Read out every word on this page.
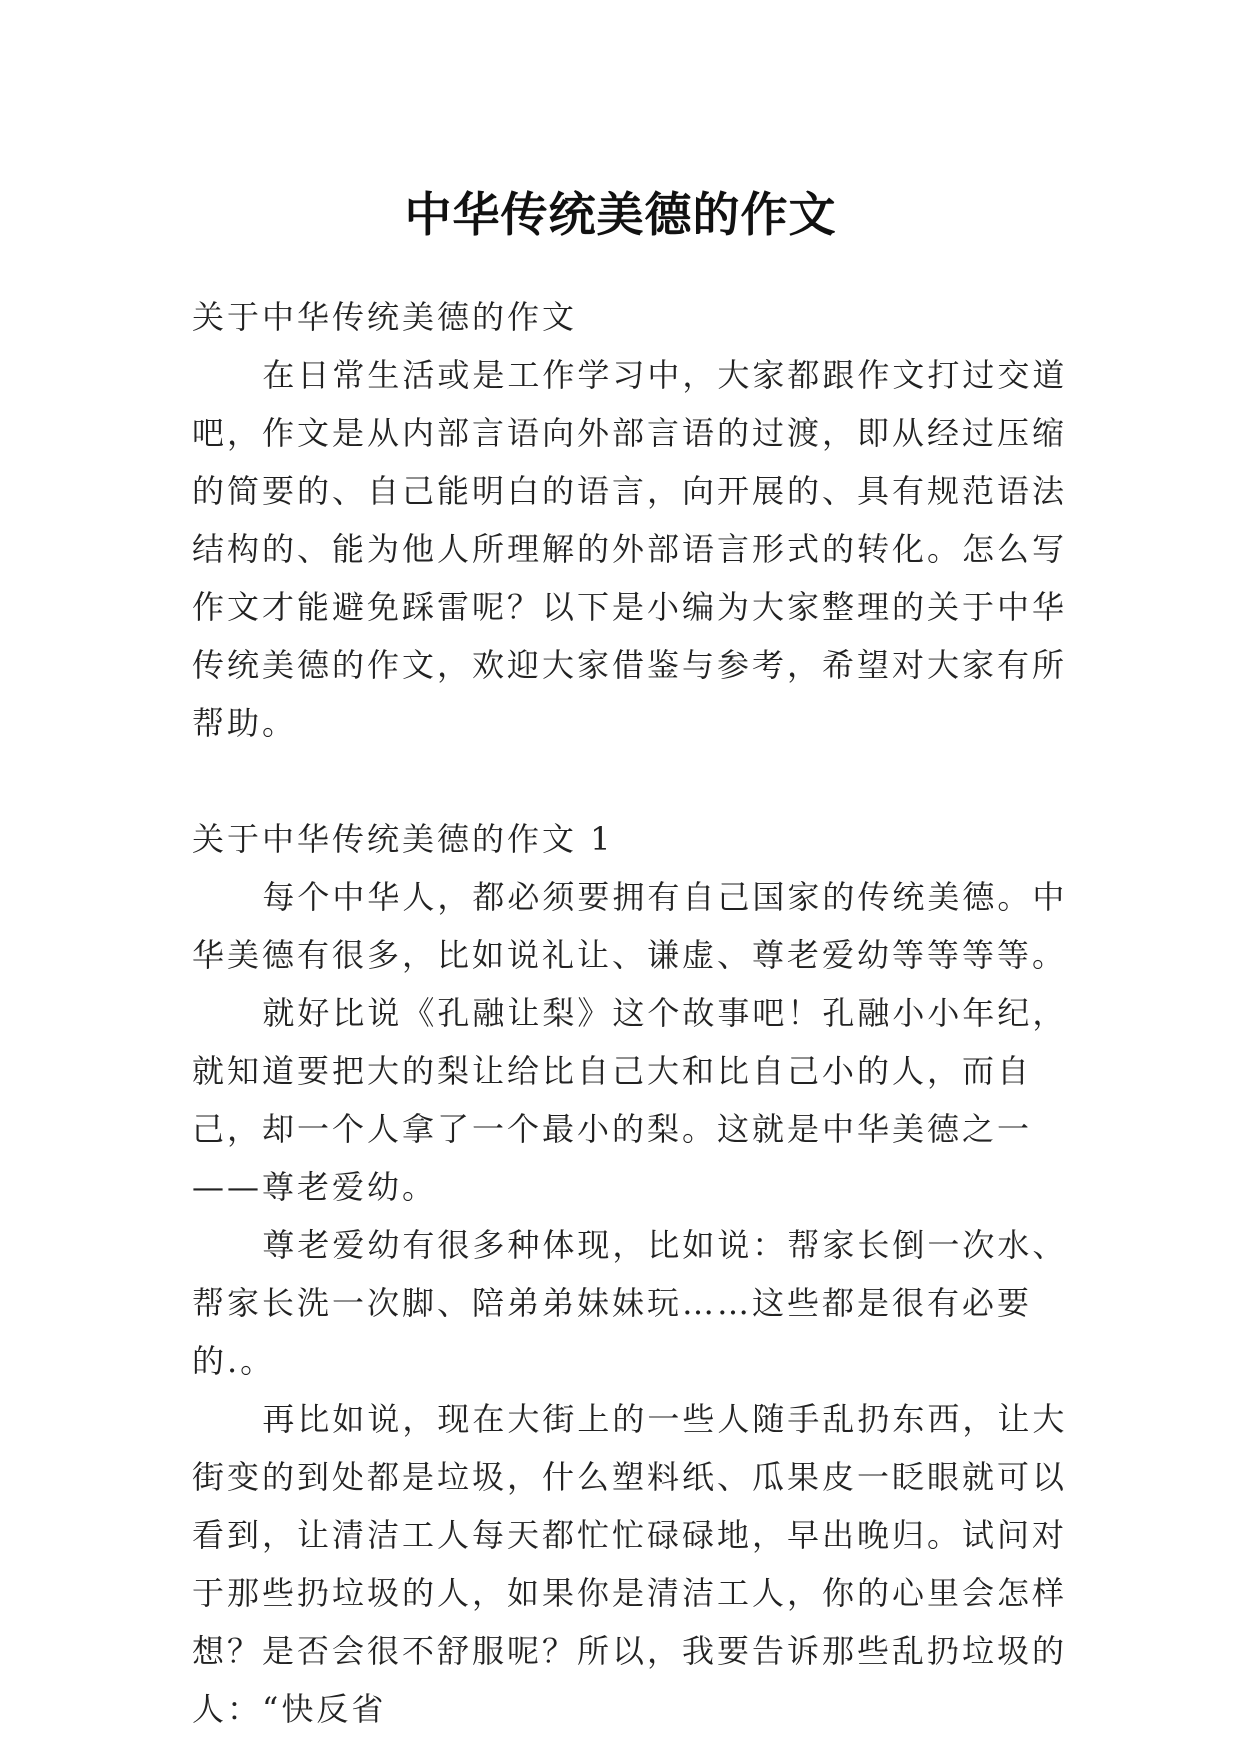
中华传统美德的作文

关于中华传统美德的作文

在日常生活或是工作学习中，大家都跟作文打过交道吧，作文是从内部言语向外部言语的过渡，即从经过压缩的简要的、自己能明白的语言，向开展的、具有规范语法结构的、能为他人所理解的外部语言形式的转化。怎么写作文才能避免踩雷呢？以下是小编为大家整理的关于中华传统美德的作文，欢迎大家借鉴与参考，希望对大家有所帮助。

关于中华传统美德的作文 1

每个中华人，都必须要拥有自己国家的传统美德。中华美德有很多，比如说礼让、谦虚、尊老爱幼等等等等。

就好比说《孔融让梨》这个故事吧！孔融小小年纪，就知道要把大的梨让给比自己大和比自己小的人，而自己，却一个人拿了一个最小的梨。这就是中华美德之一——尊老爱幼。

尊老爱幼有很多种体现，比如说：帮家长倒一次水、帮家长洗一次脚、陪弟弟妹妹玩……这些都是很有必要的.。

再比如说，现在大街上的一些人随手乱扔东西，让大街变的到处都是垃圾，什么塑料纸、瓜果皮一眨眼就可以看到，让清洁工人每天都忙忙碌碌地，早出晚归。试问对于那些扔垃圾的人，如果你是清洁工人，你的心里会怎样想？是否会很不舒服呢？所以，我要告诉那些乱扔垃圾的人：“快反省
